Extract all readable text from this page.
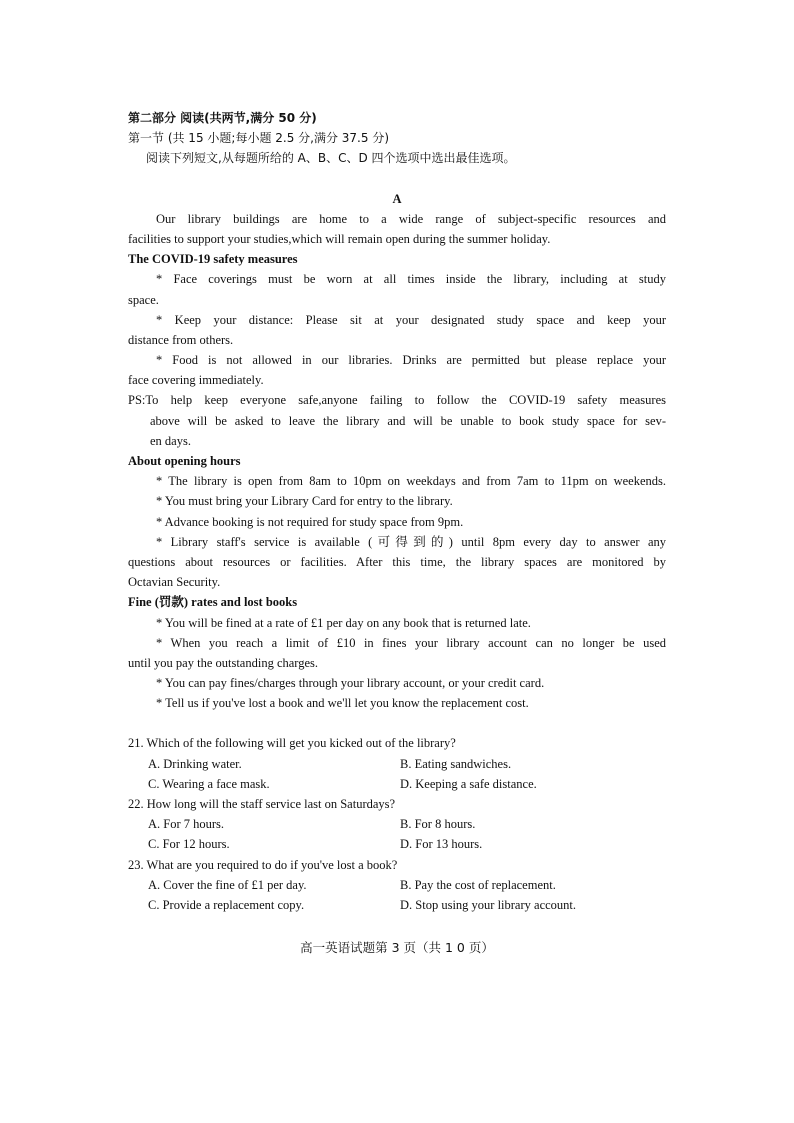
第二部分 阅读(共两节,满分 50 分)
第一节 (共 15 小题;每小题 2.5 分,满分 37.5 分)
阅读下列短文,从每题所给的 A、B、C、D 四个选项中选出最佳选项。
A
Our library buildings are home to a wide range of subject-specific resources and
facilities to support your studies,which will remain open during the summer holiday.
The COVID-19 safety measures
* Face coverings must be worn at all times inside the library, including at study
space.
* Keep your distance: Please sit at your designated study space and keep your
distance from others.
* Food is not allowed in our libraries. Drinks are permitted but please replace your
face covering immediately.
PS:To help keep everyone safe,anyone failing to follow the COVID-19 safety measures
above will be asked to leave the library and will be unable to book study space for sev-
en days.
About opening hours
* The library is open from 8am to 10pm on weekdays and from 7am to 11pm on weekends.
* You must bring your Library Card for entry to the library.
* Advance booking is not required for study space from 9pm.
* Library staff's service is available (可得到的) until 8pm every day to answer any
questions about resources or facilities. After this time, the library spaces are monitored by
Octavian Security.
Fine (罚款) rates and lost books
* You will be fined at a rate of £1 per day on any book that is returned late.
* When you reach a limit of £10 in fines your library account can no longer be used
until you pay the outstanding charges.
* You can pay fines/charges through your library account, or your credit card.
* Tell us if you've lost a book and we'll let you know the replacement cost.
21. Which of the following will get you kicked out of the library?
A. Drinking water.	B. Eating sandwiches.
C. Wearing a face mask.	D. Keeping a safe distance.
22. How long will the staff service last on Saturdays?
A. For 7 hours.	B. For 8 hours.
C. For 12 hours.	D. For 13 hours.
23. What are you required to do if you've lost a book?
A. Cover the fine of £1 per day.	B. Pay the cost of replacement.
C. Provide a replacement copy.	D. Stop using your library account.
高一英语试题第 3 页（共 1 0 页）
